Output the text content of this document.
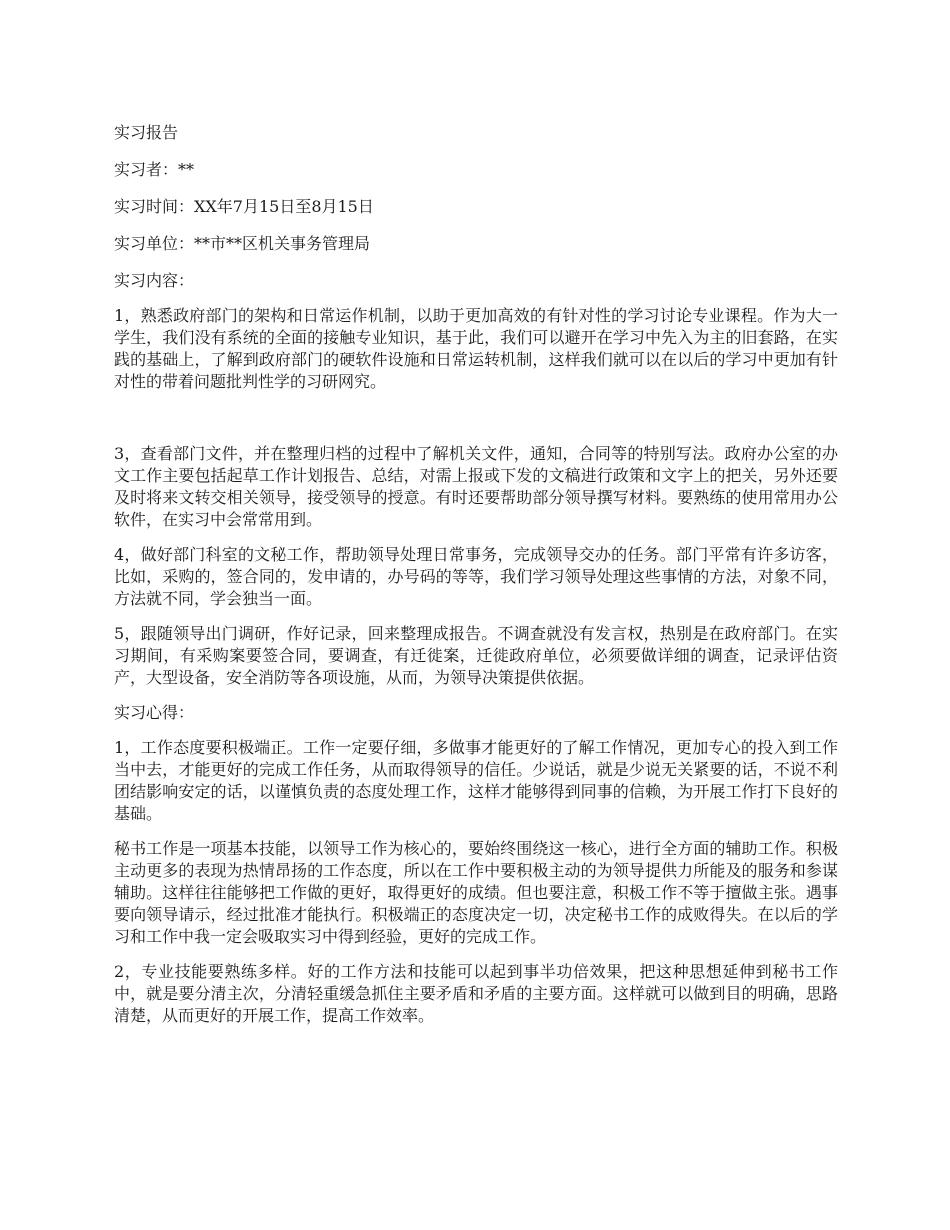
实习报告

实习者：**

实习时间：XX年7月15日至8月15日

实习单位：**市**区机关事务管理局

实习内容：

1，熟悉政府部门的架构和日常运作机制，以助于更加高效的有针对性的学习讨论专业课程。作为大一学生，我们没有系统的全面的接触专业知识，基于此，我们可以避开在学习中先入为主的旧套路，在实践的基础上，了解到政府部门的硬软件设施和日常运转机制，这样我们就可以在以后的学习中更加有针对性的带着问题批判性学的习研网究。

3，查看部门文件，并在整理归档的过程中了解机关文件，通知，合同等的特别写法。政府办公室的办文工作主要包括起草工作计划报告、总结，对需上报或下发的文稿进行政策和文字上的把关，另外还要及时将来文转交相关领导，接受领导的授意。有时还要帮助部分领导撰写材料。要熟练的使用常用办公软件，在实习中会常常用到。

4，做好部门科室的文秘工作，帮助领导处理日常事务，完成领导交办的任务。部门平常有许多访客，比如，采购的，签合同的，发申请的，办号码的等等，我们学习领导处理这些事情的方法，对象不同，方法就不同，学会独当一面。

5，跟随领导出门调研，作好记录，回来整理成报告。不调查就没有发言权，热别是在政府部门。在实习期间，有采购案要签合同，要调查，有迁徙案，迁徙政府单位，必须要做详细的调查，记录评估资产，大型设备，安全消防等各项设施，从而，为领导决策提供依据。

实习心得：

1，工作态度要积极端正。工作一定要仔细，多做事才能更好的了解工作情况，更加专心的投入到工作当中去，才能更好的完成工作任务，从而取得领导的信任。少说话，就是少说无关紧要的话，不说不利团结影响安定的话，以谨慎负责的态度处理工作，这样才能够得到同事的信赖，为开展工作打下良好的基础。

秘书工作是一项基本技能，以领导工作为核心的，要始终围绕这一核心，进行全方面的辅助工作。积极主动更多的表现为热情昂扬的工作态度，所以在工作中要积极主动的为领导提供力所能及的服务和参谋辅助。这样往往能够把工作做的更好，取得更好的成绩。但也要注意，积极工作不等于擅做主张。遇事要向领导请示，经过批准才能执行。积极端正的态度决定一切，决定秘书工作的成败得失。在以后的学习和工作中我一定会吸取实习中得到经验，更好的完成工作。

2，专业技能要熟练多样。好的工作方法和技能可以起到事半功倍效果，把这种思想延伸到秘书工作中，就是要分清主次，分清轻重缓急抓住主要矛盾和矛盾的主要方面。这样就可以做到目的明确，思路清楚，从而更好的开展工作，提高工作效率。
